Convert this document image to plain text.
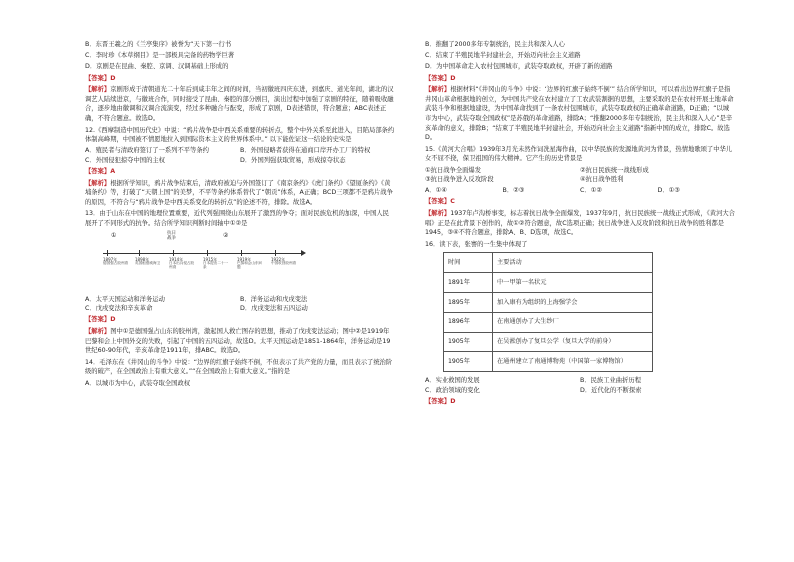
B．东晋王羲之的《兰亭集序》被誉为“天下第一行书
C．李时珍《本草纲目》是一部极具完备的药物学巨著
D．京剧是在昆曲、秦腔、京调、汉调基础上形成的
【答案】D
【解析】京剧形成于清朝道光二十年后到咸丰年之间的时间，当初徽班四庆东进，到嘉庆、道光年间，湖北的汉调艺人陆续进京，与徽班合作，同时接受了昆曲、秦腔的部分剧目，演出过程中加强了京剧的特征，随着吸收融合，逐步地由徽调和汉调合流演变，经过多种融合与酝变，形成了京剧，D表述错误，符合题意；ABC表述正确，不符合题意。故选D。
12.《西摩制造中国历代史》中说：“鸦片战争是中西关系重要的转折点，整个中外关系至此进入，目陷局部条约体制高峰期，中国被不情愿地拉入到国际资本主义的世界体系中。” 以下能佐证这一结论的史实是
A．殖民者与清政府签订了一系列不平等条约	B．外国侵略者获得在通商口岸开办工厂的特权
C．外国侵犯掠夺中国的主权	D．外国列强获取贸易，形成掠夺状态
【答案】A
【解析】根据所学知识，鸦片战争结束后，清政府被迫与外国签订了《南京条约》《虎门条约》《望厦条约》《黄埔条约》等，打破了“天朝上国”的美梦，不平等条约体系替代了“朝贡”体系，A正确；BCD三项都不是鸦片战争的原因，不符合与“鸦片战争是中西关系变化的转折点”的论述不符，排除。故选A。
13．由于山东在中国的地理位置重要，近代列强围绕山东展开了激烈的争夺；面对民族危机的加深，中国人民展开了不同形式的抗争。结合所学知识判断时间轴中①②是
①	抗日
战争	②
1897年	1898年	1914年	1915年	1919年	1922年
德国强占胶州湾	英国租借威海卫	日本出兵侵占胶州湾
日本提出二十一条
巴黎和会山东问题
中国收回胶州湾
A．太平天国运动和洋务运动	B．洋务运动和戊戌变法
C．戊戌变法和辛亥革命	D．戊戌变法和五四运动
【答案】D
【解析】图中①是德国强占山东的胶州湾，激起国人救亡图存的思想，推动了戊戌变法运动；图中②是1919年巴黎和会上中国外交的失败，引起了中国的五四运动，故选D。太平天国运动是1851-1864年，洋务运动是19世纪60-90年代，辛亥革命是1911年，排ABC。故选D。
14．毛泽东在《井冈山的斗争》中说：“边界的红旗子始终不倒，不但表示了共产党的力量，而且表示了统治阶级的破产，在全国政治上有重大意义。”“在全国政治上有重大意义。”指的是
A．以城市为中心，武装夺取全国政权
B．推翻了2000多年专制统治，民主共和深入人心
C．结束了半殖民地半封建社会，开始迈向社会主义道路
D．为中国革命走入农村包围城市，武装夺取政权，开辟了新的道路
【答案】D
【解析】根据材料“《井冈山的斗争》中说：‘边界的红旗子始终不倒’” 结合所学知识，可以看出边界红旗子是指井冈山革命根据地的创立，为中国共产党在农村建立了工农武装割据的思想，主要采取的是在农村开展土地革命武装斗争和根据地建设，为中国革命找到了一条农村包围城市，武装夺取政权的正确革命道路，D正确；“以城市为中心，武装夺取全国政权”是苏俄的革命道路，排除A；“推翻2000多年专制统治，民主共和深入人心”是辛亥革命的意义，排除B；“结束了半殖民地半封建社会，开始迈向社会主义道路”指新中国的成立，排除C。故选D。
15.《黄河大合唱》1939年3月光未然作词冼星海作曲，以中华民族的发源地黄河为背景，热情地歌颂了中华儿女不屈不挠，保卫祖国的伟大精神。它产生的历史背景是
①抗日战争全面爆发	②抗日民族统一战线形成
③抗日战争进入反攻阶段	④抗日战争胜利
A．①④	B．②③	C．①②	D．①③
【答案】C
【解析】1937年卢沟桥事变，标志着抗日战争全面爆发，1937年9月，抗日民族统一战线正式形成，《黄河大合唱》正是在此背景下创作的，故①②符合题意，故C选项正确；抗日战争进入反攻阶段和抗日战争的胜利都是1945，③④不符合题意，排除A、B、D选项，故选C。
16．读下表，张謇的一生集中体现了
时间	主要活动
1891年	中一甲第一名状元
1895年	加入康有为组织的上海强学会
1896年	在南通创办了大生纱厂
1905年	在吴淞创办了复旦公学（复旦大学的前身）
1905年	在通州建立了南通博物苑（中国第一家博物馆）
A．实业救国的发展	B．民族工业曲折历程
C．政治领域的变化	D．近代化的不断探索
【答案】D
